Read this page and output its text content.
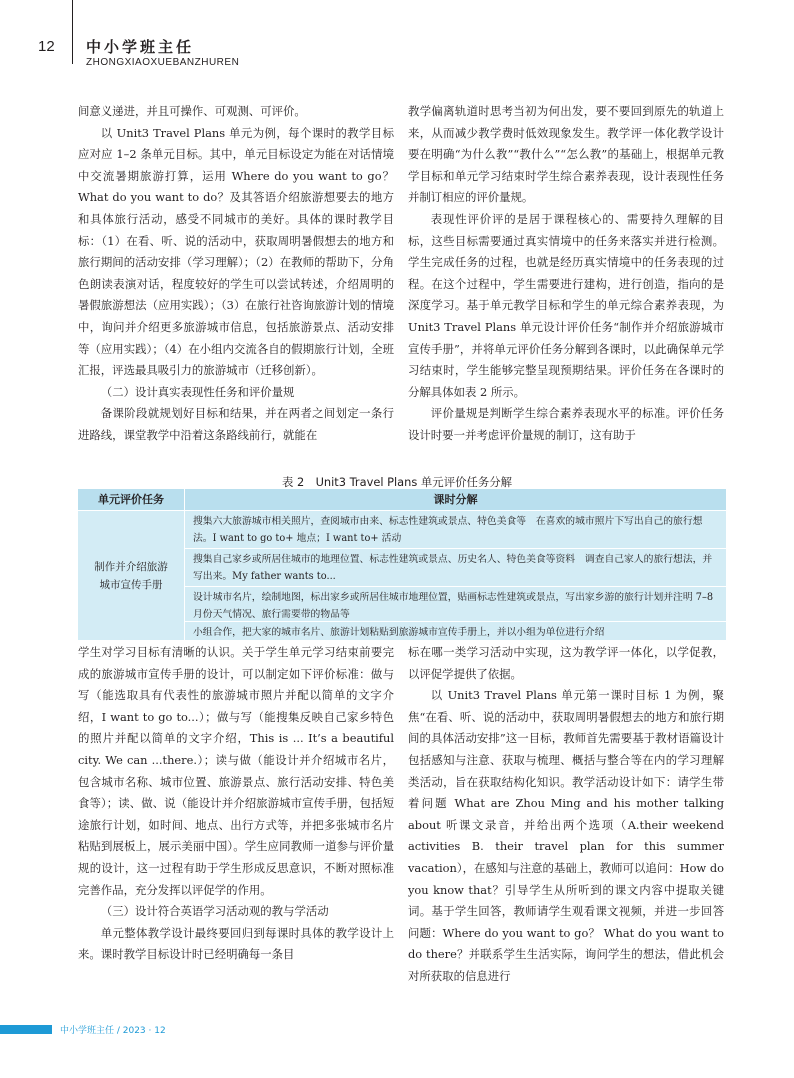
12 中小学班主任
ZHONGXIAOXUEBANZHUREN

间意义递进，并且可操作、可观测、可评价。

以 Unit3 Travel Plans 单元为例，每个课时的教学目标应对应 1–2 条单元目标。其中，单元目标设定为能在对话情境中交流暑期旅游打算，运用 Where do you want to go？ What do you want to do？及其答语介绍旅游想要去的地方和具体旅行活动，感受不同城市的美好。具体的课时教学目标：（1）在看、听、说的活动中，获取周明暑假想去的地方和旅行期间的活动安排（学习理解）；（2）在教师的帮助下，分角色朗读表演对话，程度较好的学生可以尝试转述，介绍周明的暑假旅游想法（应用实践）；（3）在旅行社咨询旅游计划的情境中，询问并介绍更多旅游城市信息，包括旅游景点、活动安排等（应用实践）；（4）在小组内交流各自的假期旅行计划，全班汇报，评选最具吸引力的旅游城市（迁移创新）。

（二）设计真实表现性任务和评价量规

备课阶段就规划好目标和结果，并在两者之间划定一条行进路线，课堂教学中沿着这条路线前行，就能在

教学偏离轨道时思考当初为何出发，要不要回到原先的轨道上来，从而减少教学费时低效现象发生。教学评一体化教学设计要在明确“为什么教”“教什么”“怎么教”的基础上，根据单元教学目标和单元学习结束时学生综合素养表现，设计表现性任务并制订相应的评价量规。

表现性评价评的是居于课程核心的、需要持久理解的目标，这些目标需要通过真实情境中的任务来落实并进行检测。学生完成任务的过程，也就是经历真实情境中的任务表现的过程。在这个过程中，学生需要进行建构，进行创造，指向的是深度学习。基于单元教学目标和学生的单元综合素养表现，为 Unit3 Travel Plans 单元设计评价任务“制作并介绍旅游城市宣传手册”，并将单元评价任务分解到各课时，以此确保单元学习结束时，学生能够完整呈现预期结果。评价任务在各课时的分解具体如表 2 所示。

评价量规是判断学生综合素养表现水平的标准。评价任务设计时要一并考虑评价量规的制订，这有助于

表 2　Unit3 Travel Plans 单元评价任务分解
单元评价任务	课时分解
制作并介绍旅游城市宣传手册
搜集六大旅游城市相关照片，查阅城市由来、标志性建筑或景点、特色美食等　在喜欢的城市照片下写出自己的旅行想法。I want to go to+ 地点；I want to+ 活动
搜集自己家乡或所居住城市的地理位置、标志性建筑或景点、历史名人、特色美食等资料　调查自己家人的旅行想法，并写出来。My father wants to...
设计城市名片，绘制地图，标出家乡或所居住城市地理位置，贴画标志性建筑或景点，写出家乡游的旅行计划并注明 7–8 月份天气情况、旅行需要带的物品等
小组合作，把大家的城市名片、旅游计划粘贴到旅游城市宣传手册上，并以小组为单位进行介绍

学生对学习目标有清晰的认识。关于学生单元学习结束前要完成的旅游城市宣传手册的设计，可以制定如下评价标准：做与写（能选取具有代表性的旅游城市照片并配以简单的文字介绍，I want to go to...）；做与写（能搜集反映自己家乡特色的照片并配以简单的文字介绍，This is ... It’s a beautiful city. We can ...there.）；读与做（能设计并介绍城市名片，包含城市名称、城市位置、旅游景点、旅行活动安排、特色美食等）；读、做、说（能设计并介绍旅游城市宣传手册，包括短途旅行计划，如时间、地点、出行方式等，并把多张城市名片粘贴到展板上，展示美丽中国）。学生应同教师一道参与评价量规的设计，这一过程有助于学生形成反思意识，不断对照标准完善作品，充分发挥以评促学的作用。

（三）设计符合英语学习活动观的教与学活动

单元整体教学设计最终要回归到每课时具体的教学设计上来。课时教学目标设计时已经明确每一条目

标在哪一类学习活动中实现，这为教学评一体化，以学促教，以评促学提供了依据。

以 Unit3 Travel Plans 单元第一课时目标 1 为例，聚焦“在看、听、说的活动中，获取周明暑假想去的地方和旅行期间的具体活动安排”这一目标，教师首先需要基于教材语篇设计包括感知与注意、获取与梳理、概括与整合等在内的学习理解类活动，旨在获取结构化知识。教学活动设计如下：请学生带着问题 What are Zhou Ming and his mother talking about 听课文录音，并给出两个选项（A.their weekend activities B. their travel plan for this summer vacation），在感知与注意的基础上，教师可以追问：How do you know that？引导学生从所听到的课文内容中提取关键词。基于学生回答，教师请学生观看课文视频，并进一步回答问题：Where do you want to go？ What do you want to do there？并联系学生生活实际，询问学生的想法，借此机会对所获取的信息进行

中小学班主任 / 2023 · 12
